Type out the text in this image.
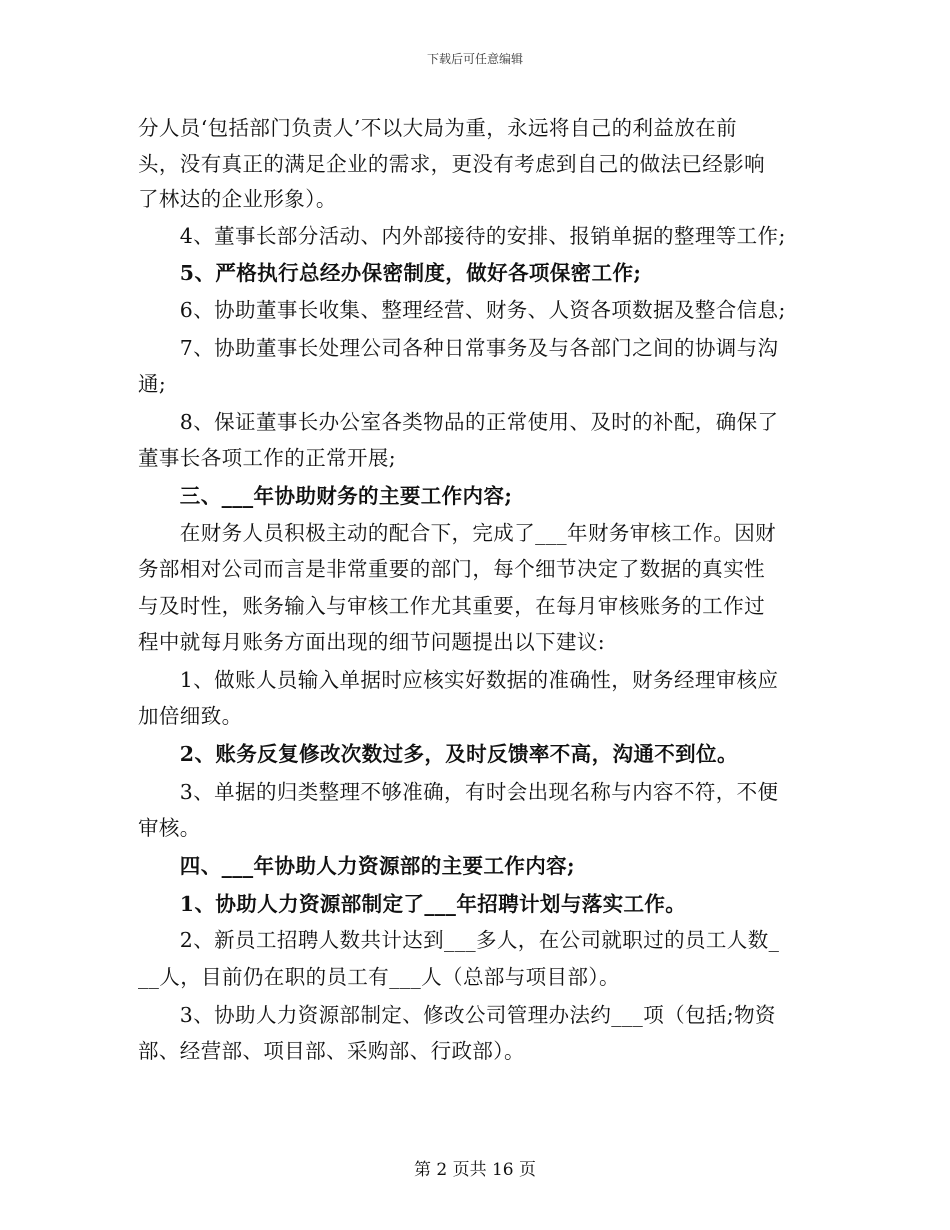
下载后可任意编辑
分人员‘包括部门负责人’不以大局为重，永远将自己的利益放在前
头，没有真正的满足企业的需求，更没有考虑到自己的做法已经影响
了林达的企业形象）。
　　4、董事长部分活动、内外部接待的安排、报销单据的整理等工作;
　　5、严格执行总经办保密制度，做好各项保密工作;
　　6、协助董事长收集、整理经营、财务、人资各项数据及整合信息;
　　7、协助董事长处理公司各种日常事务及与各部门之间的协调与沟
通;
　　8、保证董事长办公室各类物品的正常使用、及时的补配，确保了
董事长各项工作的正常开展;
　　三、___年协助财务的主要工作内容;
　　在财务人员积极主动的配合下，完成了___年财务审核工作。因财
务部相对公司而言是非常重要的部门，每个细节决定了数据的真实性
与及时性，账务输入与审核工作尤其重要，在每月审核账务的工作过
程中就每月账务方面出现的细节问题提出以下建议:
　　1、做账人员输入单据时应核实好数据的准确性，财务经理审核应
加倍细致。
　　2、账务反复修改次数过多，及时反馈率不高，沟通不到位。
　　3、单据的归类整理不够准确，有时会出现名称与内容不符，不便
审核。
　　四、___年协助人力资源部的主要工作内容;
　　1、协助人力资源部制定了___年招聘计划与落实工作。
　　2、新员工招聘人数共计达到___多人，在公司就职过的员工人数_
__人，目前仍在职的员工有___人（总部与项目部）。
　　3、协助人力资源部制定、修改公司管理办法约___项（包括;物资
部、经营部、项目部、采购部、行政部）。
第 2 页共 16 页
